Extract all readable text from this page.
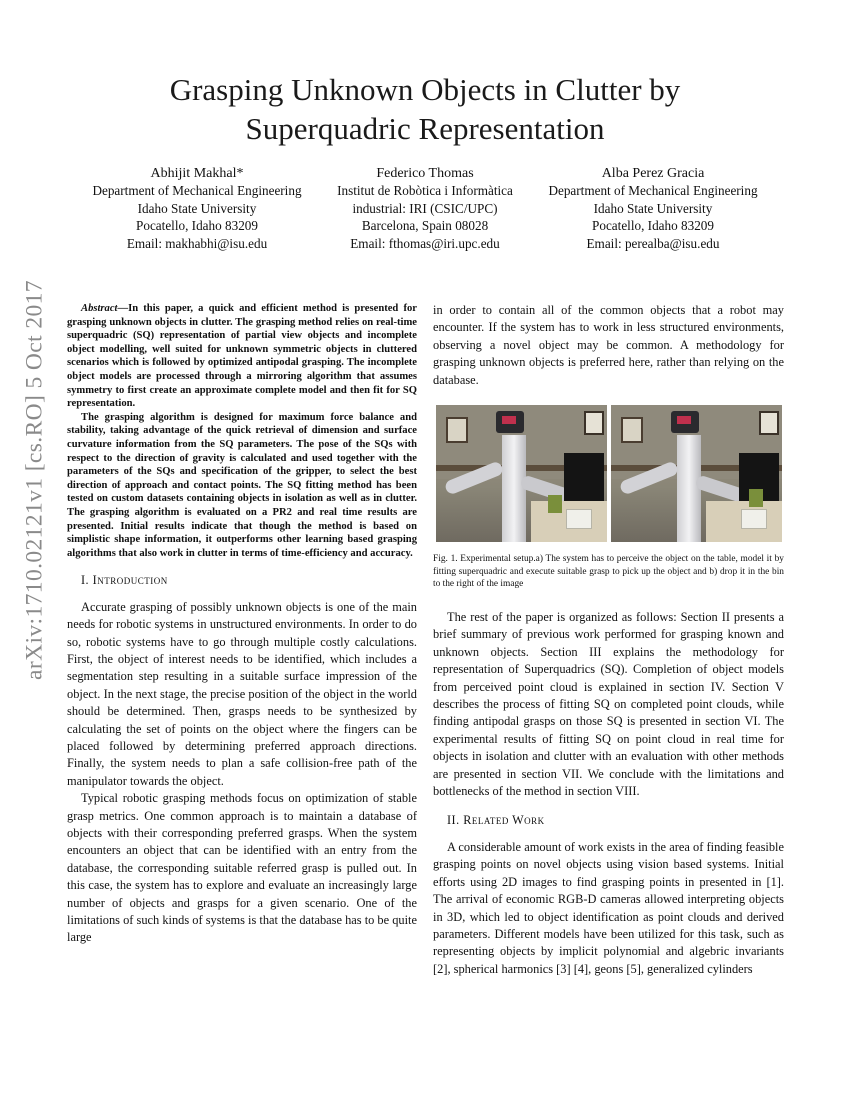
arXiv:1710.02121v1 [cs.RO] 5 Oct 2017
Grasping Unknown Objects in Clutter by
Superquadric Representation
Abhijit Makhal*
Department of Mechanical Engineering
Idaho State University
Pocatello, Idaho 83209
Email: makhabhi@isu.edu
Federico Thomas
Institut de Robòtica i Informàtica
industrial: IRI (CSIC/UPC)
Barcelona, Spain 08028
Email: fthomas@iri.upc.edu
Alba Perez Gracia
Department of Mechanical Engineering
Idaho State University
Pocatello, Idaho 83209
Email: perealba@isu.edu

Abstract—In this paper, a quick and efficient method is presented for grasping unknown objects in clutter. The grasping method relies on real-time superquadric (SQ) representation of partial view objects and incomplete object modelling, well suited for unknown symmetric objects in cluttered scenarios which is followed by optimized antipodal grasping. The incomplete object models are processed through a mirroring algorithm that assumes symmetry to first create an approximate complete model and then fit for SQ representation.

The grasping algorithm is designed for maximum force balance and stability, taking advantage of the quick retrieval of dimension and surface curvature information from the SQ parameters. The pose of the SQs with respect to the direction of gravity is calculated and used together with the parameters of the SQs and specification of the gripper, to select the best direction of approach and contact points. The SQ fitting method has been tested on custom datasets containing objects in isolation as well as in clutter. The grasping algorithm is evaluated on a PR2 and real time results are presented. Initial results indicate that though the method is based on simplistic shape information, it outperforms other learning based grasping algorithms that also work in clutter in terms of time-efficiency and accuracy.

I. Introduction

Accurate grasping of possibly unknown objects is one of the main needs for robotic systems in unstructured environments. In order to do so, robotic systems have to go through multiple costly calculations. First, the object of interest needs to be identified, which includes a segmentation step resulting in a suitable surface impression of the object. In the next stage, the precise position of the object in the world should be determined. Then, grasps needs to be synthesized by calculating the set of points on the object where the fingers can be placed followed by determining preferred approach directions. Finally, the system needs to plan a safe collision-free path of the manipulator towards the object.

Typical robotic grasping methods focus on optimization of stable grasp metrics. One common approach is to maintain a database of objects with their corresponding preferred grasps. When the system encounters an object that can be identified with an entry from the database, the corresponding suitable referred grasp is pulled out. In this case, the system has to explore and evaluate an increasingly large number of objects and grasps for a given scenario. One of the limitations of such kinds of systems is that the database has to be quite large

in order to contain all of the common objects that a robot may encounter. If the system has to work in less structured environments, observing a novel object may be common. A methodology for grasping unknown objects is preferred here, rather than relying on the database.

Fig. 1. Experimental setup.a) The system has to perceive the object on the table, model it by fitting superquadric and execute suitable grasp to pick up the object and b) drop it in the bin to the right of the image

The rest of the paper is organized as follows: Section II presents a brief summary of previous work performed for grasping known and unknown objects. Section III explains the methodology for representation of Superquadrics (SQ). Completion of object models from perceived point cloud is explained in section IV. Section V describes the process of fitting SQ on completed point clouds, while finding antipodal grasps on those SQ is presented in section VI. The experimental results of fitting SQ on point cloud in real time for objects in isolation and clutter with an evaluation with other methods are presented in section VII. We conclude with the limitations and bottlenecks of the method in section VIII.

II. Related Work

A considerable amount of work exists in the area of finding feasible grasping points on novel objects using vision based systems. Initial efforts using 2D images to find grasping points in presented in [1]. The arrival of economic RGB-D cameras allowed interpreting objects in 3D, which led to object identification as point clouds and derived parameters. Different models have been utilized for this task, such as representing objects by implicit polynomial and algebric invariants [2], spherical harmonics [3] [4], geons [5], generalized cylinders
